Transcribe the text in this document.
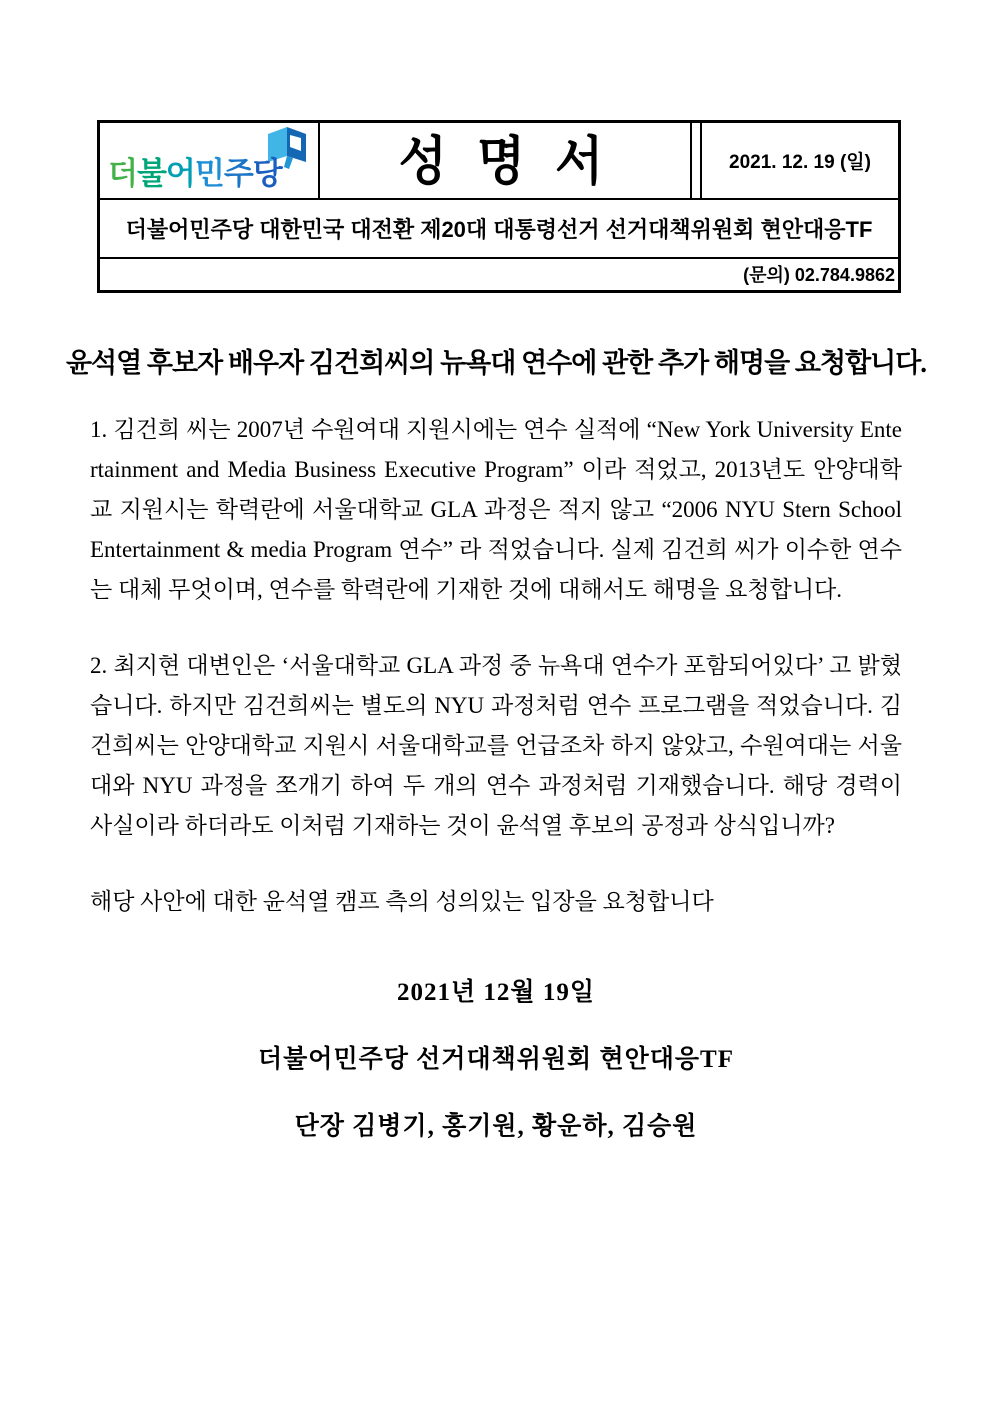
더불어민주당 성 명 서	2021. 12. 19 (일)
더불어민주당 대한민국 대전환 제20대 대통령선거 선거대책위원회 현안대응TF
(문의) 02.784.9862
윤석열 후보자 배우자 김건희씨의 뉴욕대 연수에 관한 추가 해명을 요청합니다.

1. 김건희 씨는 2007년 수원여대 지원시에는 연수 실적에 “New York University Entertainment and Media Business Executive Program” 이라 적었고, 2013년도 안양대학교 지원시는 학력란에 서울대학교 GLA 과정은 적지 않고 “2006 NYU Stern School Entertainment & media Program 연수” 라 적었습니다. 실제 김건희 씨가 이수한 연수는 대체 무엇이며, 연수를 학력란에 기재한 것에 대해서도 해명을 요청합니다.

2. 최지현 대변인은 ‘서울대학교 GLA 과정 중 뉴욕대 연수가 포함되어있다’ 고 밝혔습니다. 하지만 김건희씨는 별도의 NYU 과정처럼 연수 프로그램을 적었습니다. 김건희씨는 안양대학교 지원시 서울대학교를 언급조차 하지 않았고, 수원여대는 서울대와 NYU 과정을 쪼개기 하여 두 개의 연수 과정처럼 기재했습니다. 해당 경력이 사실이라 하더라도 이처럼 기재하는 것이 윤석열 후보의 공정과 상식입니까?

해당 사안에 대한 윤석열 캠프 측의 성의있는 입장을 요청합니다

2021년 12월 19일
더불어민주당 선거대책위원회 현안대응TF
단장 김병기, 홍기원, 황운하, 김승원
